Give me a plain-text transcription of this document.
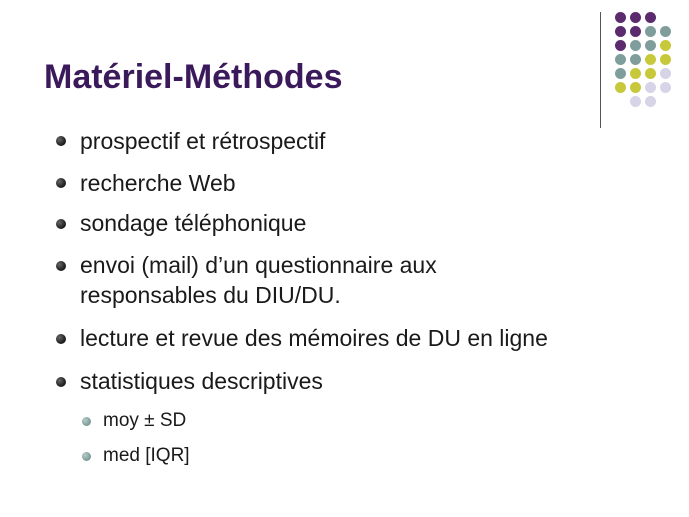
Matériel-Méthodes
prospectif et rétrospectif
recherche Web
sondage téléphonique
envoi (mail) d’un questionnaire aux
responsables du DIU/DU.
lecture et revue des mémoires de DU en ligne
statistiques descriptives
moy ± SD
med [IQR]
